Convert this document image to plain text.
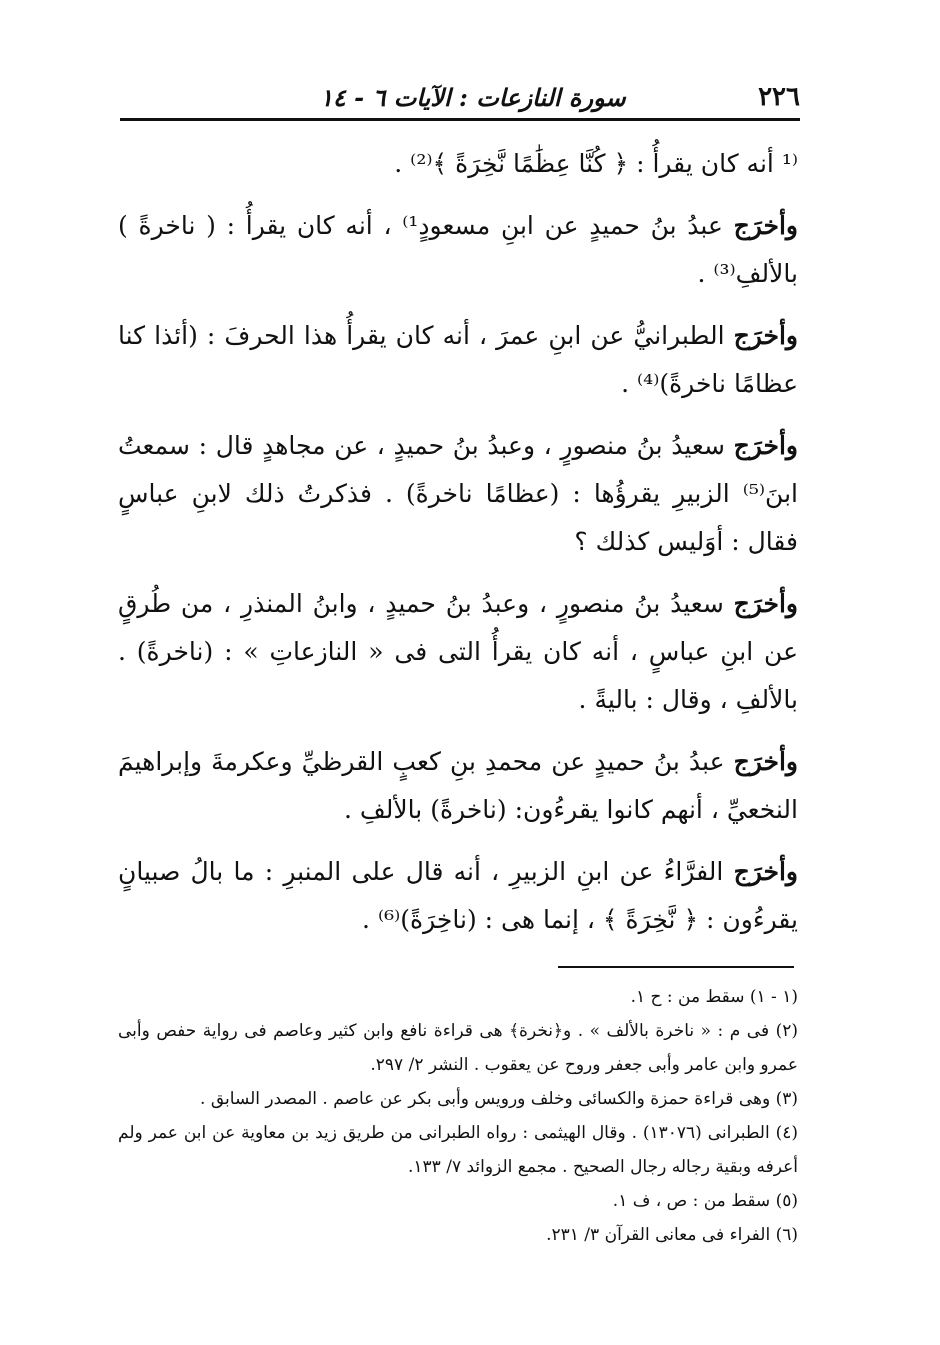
٢٢٦
سورة النازعات : الآيات ٦ - ١٤

⁽¹ أنه كان يقرأُ : ﴿ كُنَّا عِظَٰمًا نَّخِرَةً ﴾⁽²⁾ .

وأخرَج عبدُ بنُ حميدٍ عن ابنِ مسعودٍ¹⁾ ، أنه كان يقرأُ : ( ناخرةً ) بالألفِ⁽³⁾ .

وأخرَج الطبرانيُّ عن ابنِ عمرَ ، أنه كان يقرأُ هذا الحرفَ : (أئذا كنا عظامًا ناخرةً)⁽⁴⁾ .

وأخرَج سعيدُ بنُ منصورٍ ، وعبدُ بنُ حميدٍ ، عن مجاهدٍ قال : سمعتُ ابنَ⁽⁵⁾ الزبيرِ يقرؤُها : (عظامًا ناخرةً) . فذكرتُ ذلك لابنِ عباسٍ فقال : أوَليس كذلك ؟

وأخرَج سعيدُ بنُ منصورٍ ، وعبدُ بنُ حميدٍ ، وابنُ المنذرِ ، من طُرقٍ عن ابنِ عباسٍ ، أنه كان يقرأُ التى فى « النازعاتِ » : (ناخرةً) . بالألفِ ، وقال : باليةً .

وأخرَج عبدُ بنُ حميدٍ عن محمدِ بنِ كعبٍ القرظيِّ وعكرمةَ وإبراهيمَ النخعيِّ ، أنهم كانوا يقرءُون: (ناخرةً) بالألفِ .

وأخرَج الفرَّاءُ عن ابنِ الزبيرِ ، أنه قال على المنبرِ : ما بالُ صبيانٍ يقرءُون : ﴿ نَّخِرَةً ﴾ ، إنما هى : (ناخِرَةً)⁽⁶⁾ .

(١ - ١) سقط من : ح ١.

(٢) فى م : « ناخرة بالألف » . و﴿نخرة﴾ هى قراءة نافع وابن كثير وعاصم فى رواية حفص وأبى عمرو وابن عامر وأبى جعفر وروح عن يعقوب . النشر ٢/ ٢٩٧.

(٣) وهى قراءة حمزة والكسائى وخلف ورويس وأبى بكر عن عاصم . المصدر السابق .

(٤) الطبرانى (١٣٠٧٦) . وقال الهيثمى : رواه الطبرانى من طريق زيد بن معاوية عن ابن عمر ولم أعرفه وبقية رجاله رجال الصحيح . مجمع الزوائد ٧/ ١٣٣.

(٥) سقط من : ص ، ف ١.

(٦) الفراء فى معانى القرآن ٣/ ٢٣١.
